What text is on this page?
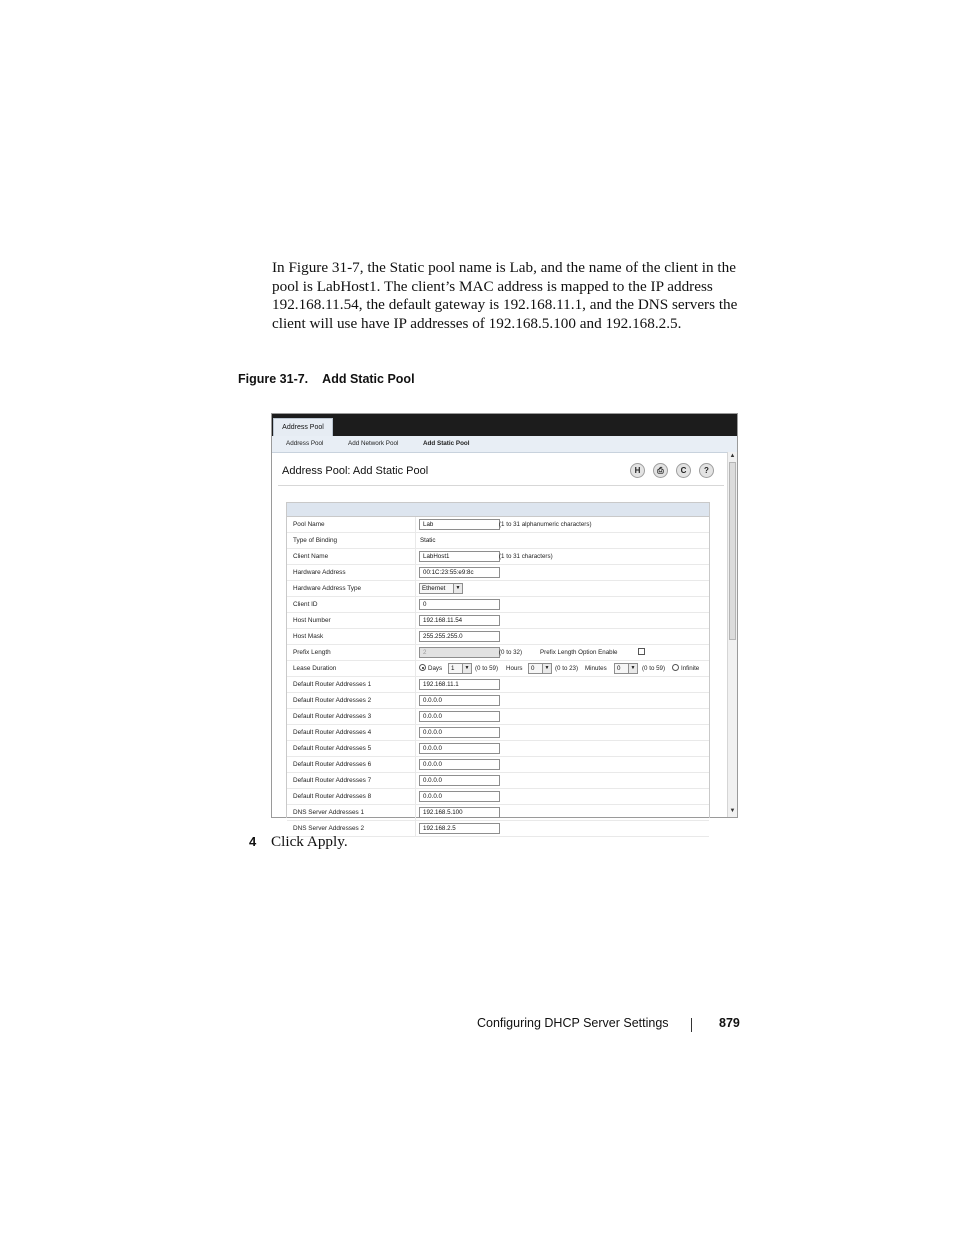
In Figure 31-7, the Static pool name is Lab, and the name of the client in the pool is LabHost1. The client’s MAC address is mapped to the IP address 192.168.11.54, the default gateway is 192.168.11.1, and the DNS servers the client will use have IP addresses of 192.168.5.100 and 192.168.2.5.

Figure 31-7. Add Static Pool
Address Pool
Address Pool	Add Network Pool	Add Static Pool
Address Pool: Add Static Pool	H	⎙	C	?
▲
▼
Pool Name	Lab	(1 to 31 alphanumeric characters)
Type of Binding	Static
Client Name	LabHost1	(1 to 31 characters)
Hardware Address	00:1C:23:55:e9:8c
Hardware Address Type	Ethernet	▼
Client ID	0
Host Number	192.168.11.54
Host Mask	255.255.255.0
Prefix Length	2	(0 to 32)	Prefix Length Option Enable
Lease Duration	Days	1	▼ (0 to 59) Hours	0	▼ (0 to 23) Minutes	0	▼ (0 to 59)	Infinite
Default Router Addresses 1	192.168.11.1
Default Router Addresses 2	0.0.0.0
Default Router Addresses 3	0.0.0.0
Default Router Addresses 4	0.0.0.0
Default Router Addresses 5	0.0.0.0
Default Router Addresses 6	0.0.0.0
Default Router Addresses 7	0.0.0.0
Default Router Addresses 8	0.0.0.0
DNS Server Addresses 1	192.168.5.100
DNS Server Addresses 2	192.168.2.5
4 Click Apply.
Configuring DHCP Server Settings	879
